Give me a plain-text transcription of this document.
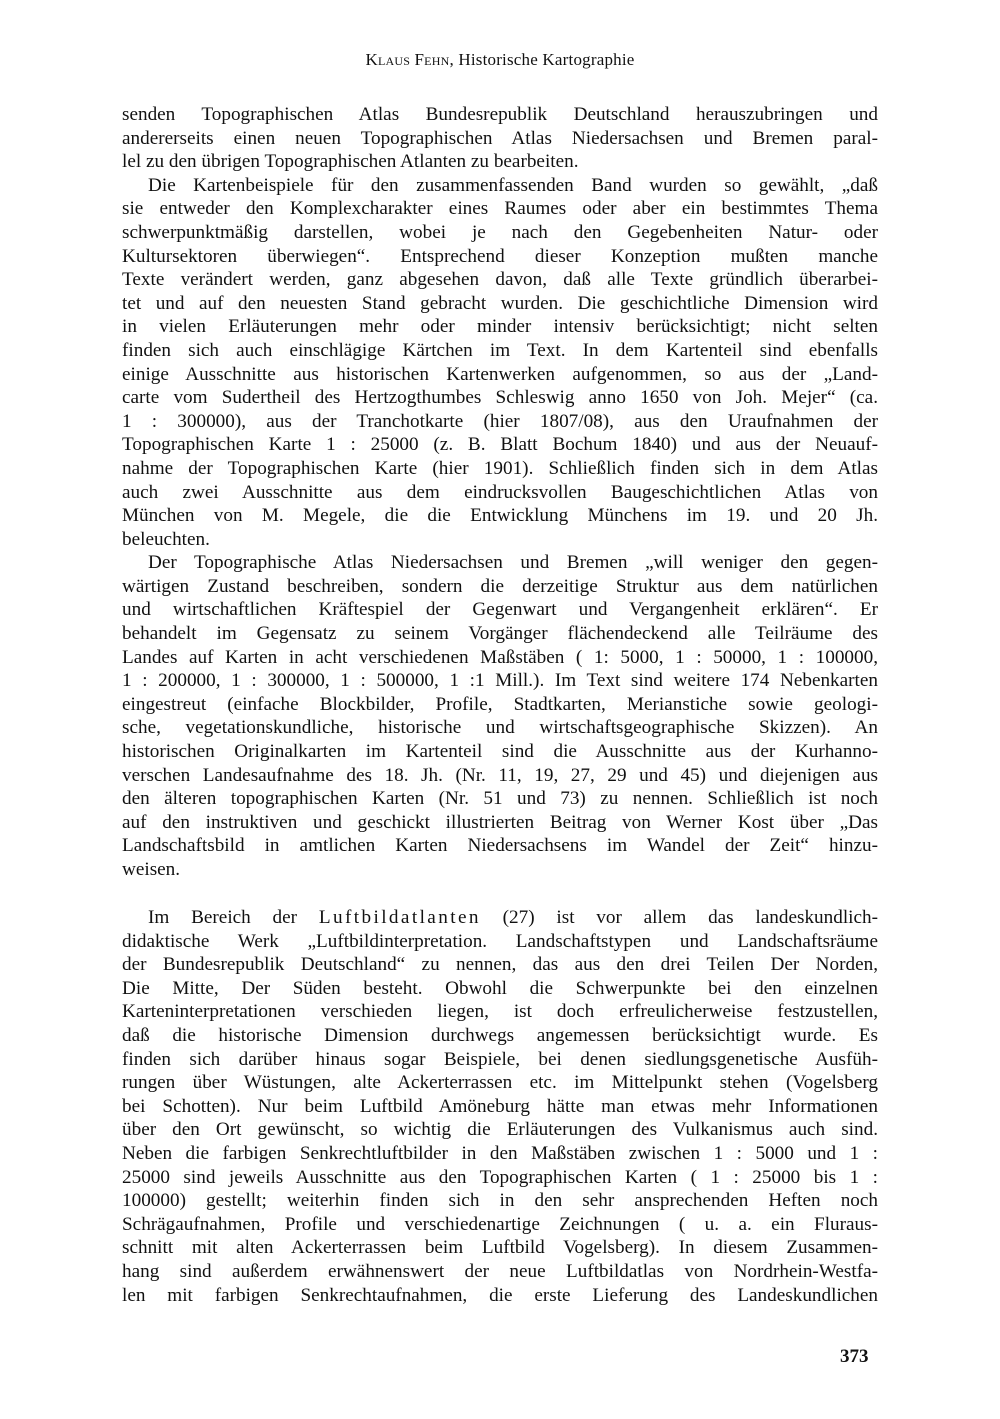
Klaus Fehn, Historische Kartographie
senden Topographischen Atlas Bundesrepublik Deutschland herauszubringen und
andererseits einen neuen Topographischen Atlas Niedersachsen und Bremen paral-
lel zu den übrigen Topographischen Atlanten zu bearbeiten.
Die Kartenbeispiele für den zusammenfassenden Band wurden so gewählt, „daß
sie entweder den Komplexcharakter eines Raumes oder aber ein bestimmtes Thema
schwerpunktmäßig darstellen, wobei je nach den Gegebenheiten Natur- oder
Kultursektoren überwiegen“. Entsprechend dieser Konzeption mußten manche
Texte verändert werden, ganz abgesehen davon, daß alle Texte gründlich überarbei-
tet und auf den neuesten Stand gebracht wurden. Die geschichtliche Dimension wird
in vielen Erläuterungen mehr oder minder intensiv berücksichtigt; nicht selten
finden sich auch einschlägige Kärtchen im Text. In dem Kartenteil sind ebenfalls
einige Ausschnitte aus historischen Kartenwerken aufgenommen, so aus der „Land-
carte vom Sudertheil des Hertzogthumbes Schleswig anno 1650 von Joh. Mejer“ (ca.
1 : 300000), aus der Tranchotkarte (hier 1807/08), aus den Uraufnahmen der
Topographischen Karte 1 : 25000 (z. B. Blatt Bochum 1840) und aus der Neuauf-
nahme der Topographischen Karte (hier 1901). Schließlich finden sich in dem Atlas
auch zwei Ausschnitte aus dem eindrucksvollen Baugeschichtlichen Atlas von
München von M. Megele, die die Entwicklung Münchens im 19. und 20 Jh.
beleuchten.
Der Topographische Atlas Niedersachsen und Bremen „will weniger den gegen-
wärtigen Zustand beschreiben, sondern die derzeitige Struktur aus dem natürlichen
und wirtschaftlichen Kräftespiel der Gegenwart und Vergangenheit erklären“. Er
behandelt im Gegensatz zu seinem Vorgänger flächendeckend alle Teilräume des
Landes auf Karten in acht verschiedenen Maßstäben ( 1: 5000, 1 : 50000, 1 : 100000,
1 : 200000, 1 : 300000, 1 : 500000, 1 :1 Mill.). Im Text sind weitere 174 Nebenkarten
eingestreut (einfache Blockbilder, Profile, Stadtkarten, Merianstiche sowie geologi-
sche, vegetationskundliche, historische und wirtschaftsgeographische Skizzen). An
historischen Originalkarten im Kartenteil sind die Ausschnitte aus der Kurhanno-
verschen Landesaufnahme des 18. Jh. (Nr. 11, 19, 27, 29 und 45) und diejenigen aus
den älteren topographischen Karten (Nr. 51 und 73) zu nennen. Schließlich ist noch
auf den instruktiven und geschickt illustrierten Beitrag von Werner Kost über „Das
Landschaftsbild in amtlichen Karten Niedersachsens im Wandel der Zeit“ hinzu-
weisen.
Im Bereich der Luftbildatlanten (27) ist vor allem das landeskundlich-
didaktische Werk „Luftbildinterpretation. Landschaftstypen und Landschaftsräume
der Bundesrepublik Deutschland“ zu nennen, das aus den drei Teilen Der Norden,
Die Mitte, Der Süden besteht. Obwohl die Schwerpunkte bei den einzelnen
Karteninterpretationen verschieden liegen, ist doch erfreulicherweise festzustellen,
daß die historische Dimension durchwegs angemessen berücksichtigt wurde. Es
finden sich darüber hinaus sogar Beispiele, bei denen siedlungsgenetische Ausfüh-
rungen über Wüstungen, alte Ackerterrassen etc. im Mittelpunkt stehen (Vogelsberg
bei Schotten). Nur beim Luftbild Amöneburg hätte man etwas mehr Informationen
über den Ort gewünscht, so wichtig die Erläuterungen des Vulkanismus auch sind.
Neben die farbigen Senkrechtluftbilder in den Maßstäben zwischen 1 : 5000 und 1 :
25000 sind jeweils Ausschnitte aus den Topographischen Karten ( 1 : 25000 bis 1 :
100000) gestellt; weiterhin finden sich in den sehr ansprechenden Heften noch
Schrägaufnahmen, Profile und verschiedenartige Zeichnungen ( u. a. ein Fluraus-
schnitt mit alten Ackerterrassen beim Luftbild Vogelsberg). In diesem Zusammen-
hang sind außerdem erwähnenswert der neue Luftbildatlas von Nordrhein-Westfa-
len mit farbigen Senkrechtaufnahmen, die erste Lieferung des Landeskundlichen
373
